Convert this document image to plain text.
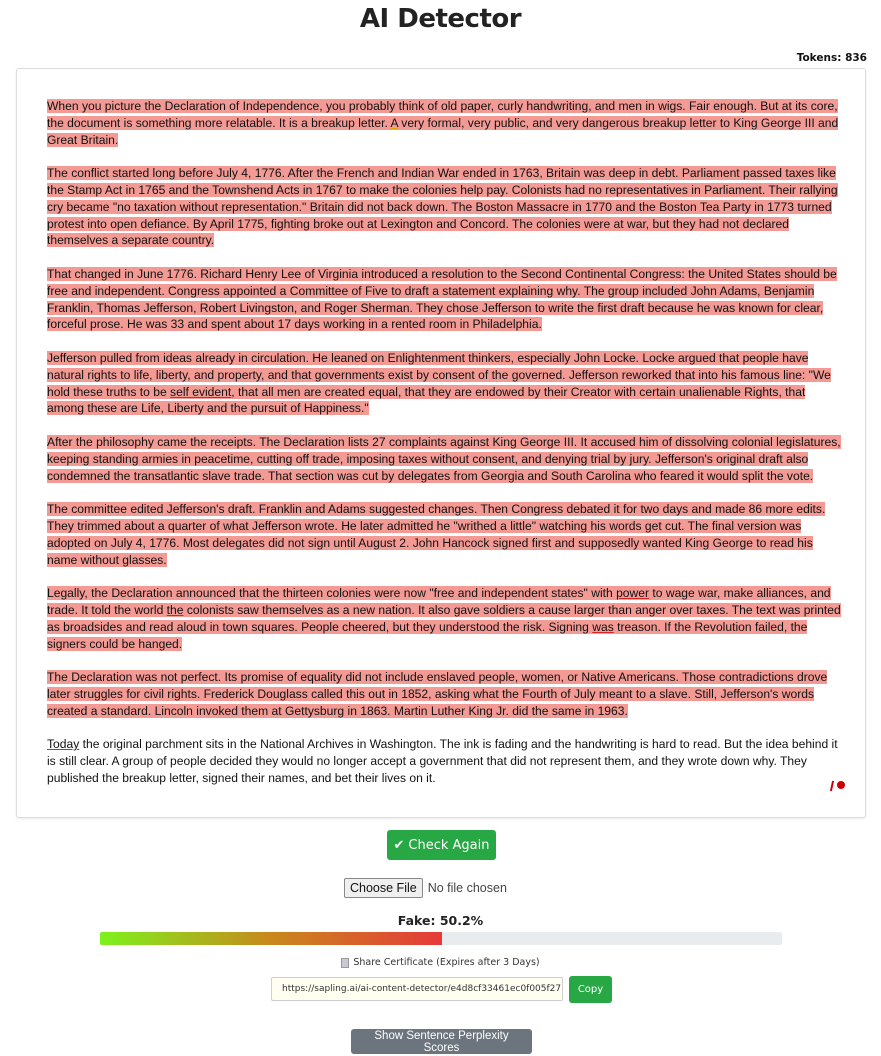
AI Detector
Tokens: 836

When you picture the Declaration of Independence, you probably think of old paper, curly handwriting, and men in wigs. Fair enough. But at its core, the document is something more relatable. It is a breakup letter. A very formal, very public, and very dangerous breakup letter to King George III and Great Britain.

The conflict started long before July 4, 1776. After the French and Indian War ended in 1763, Britain was deep in debt. Parliament passed taxes like the Stamp Act in 1765 and the Townshend Acts in 1767 to make the colonies help pay. Colonists had no representatives in Parliament. Their rallying cry became "no taxation without representation." Britain did not back down. The Boston Massacre in 1770 and the Boston Tea Party in 1773 turned protest into open defiance. By April 1775, fighting broke out at Lexington and Concord. The colonies were at war, but they had not declared themselves a separate country.

That changed in June 1776. Richard Henry Lee of Virginia introduced a resolution to the Second Continental Congress: the United States should be free and independent. Congress appointed a Committee of Five to draft a statement explaining why. The group included John Adams, Benjamin Franklin, Thomas Jefferson, Robert Livingston, and Roger Sherman. They chose Jefferson to write the first draft because he was known for clear, forceful prose. He was 33 and spent about 17 days working in a rented room in Philadelphia.

Jefferson pulled from ideas already in circulation. He leaned on Enlightenment thinkers, especially John Locke. Locke argued that people have natural rights to life, liberty, and property, and that governments exist by consent of the governed. Jefferson reworked that into his famous line: "We hold these truths to be self evident, that all men are created equal, that they are endowed by their Creator with certain unalienable Rights, that among these are Life, Liberty and the pursuit of Happiness."

After the philosophy came the receipts. The Declaration lists 27 complaints against King George III. It accused him of dissolving colonial legislatures, keeping standing armies in peacetime, cutting off trade, imposing taxes without consent, and denying trial by jury. Jefferson's original draft also condemned the transatlantic slave trade. That section was cut by delegates from Georgia and South Carolina who feared it would split the vote.

The committee edited Jefferson's draft. Franklin and Adams suggested changes. Then Congress debated it for two days and made 86 more edits. They trimmed about a quarter of what Jefferson wrote. He later admitted he "writhed a little" watching his words get cut. The final version was adopted on July 4, 1776. Most delegates did not sign until August 2. John Hancock signed first and supposedly wanted King George to read his name without glasses.

Legally, the Declaration announced that the thirteen colonies were now "free and independent states" with power to wage war, make alliances, and trade. It told the world the colonists saw themselves as a new nation. It also gave soldiers a cause larger than anger over taxes. The text was printed as broadsides and read aloud in town squares. People cheered, but they understood the risk. Signing was treason. If the Revolution failed, the signers could be hanged.

The Declaration was not perfect. Its promise of equality did not include enslaved people, women, or Native Americans. Those contradictions drove later struggles for civil rights. Frederick Douglass called this out in 1852, asking what the Fourth of July meant to a slave. Still, Jefferson's words created a standard. Lincoln invoked them at Gettysburg in 1863. Martin Luther King Jr. did the same in 1963.

Today the original parchment sits in the National Archives in Washington. The ink is fading and the handwriting is hard to read. But the idea behind it is still clear. A group of people decided they would no longer accept a government that did not represent them, and they wrote down why. They published the breakup letter, signed their names, and bet their lives on it.

✔ Check Again
Choose File No file chosen
Fake: 50.2%
Share Certificate (Expires after 3 Days)
https://sapling.ai/ai-content-detector/e4d8cf33461ec0f005f27	Copy
Show Sentence Perplexity Scores
